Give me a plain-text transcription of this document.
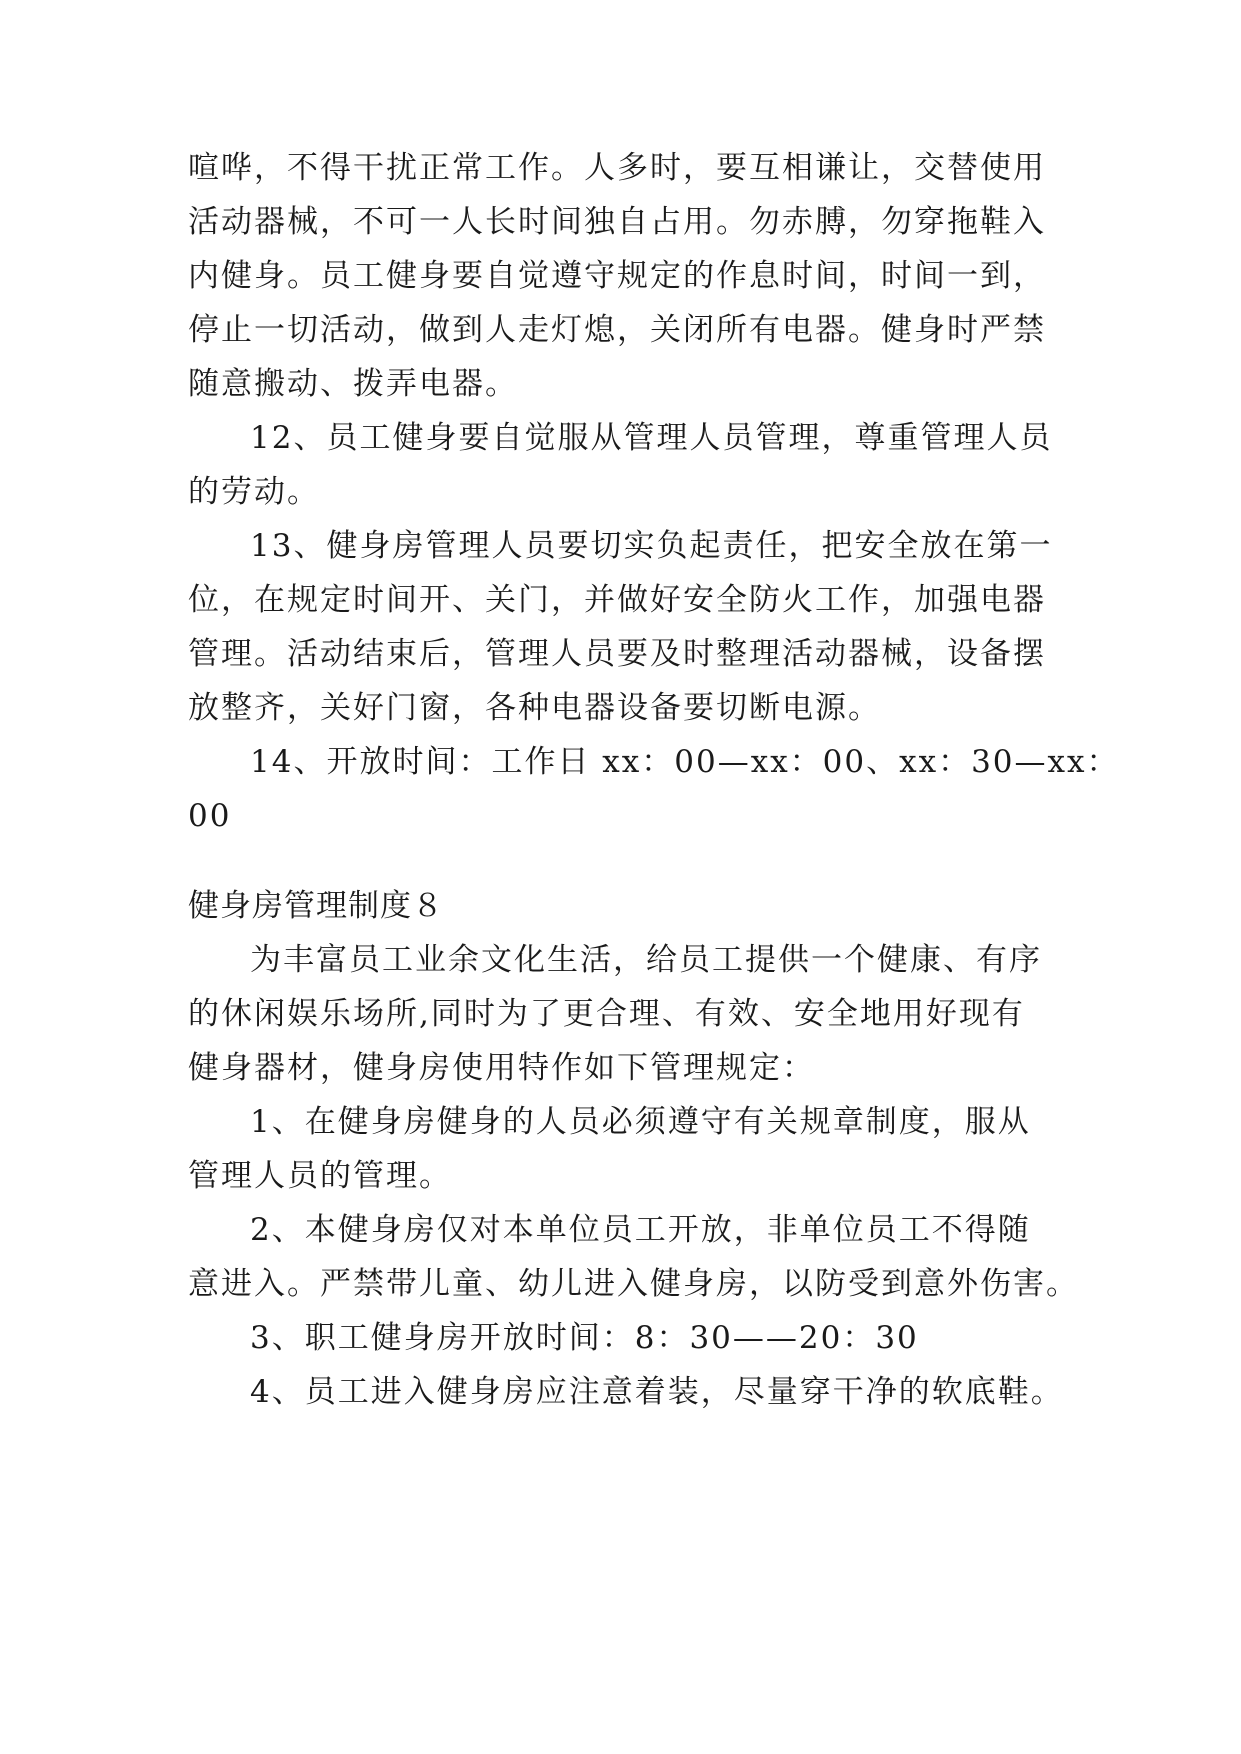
喧哗，不得干扰正常工作。人多时，要互相谦让，交替使用

活动器械，不可一人长时间独自占用。勿赤膊，勿穿拖鞋入

内健身。员工健身要自觉遵守规定的作息时间，时间一到，

停止一切活动，做到人走灯熄，关闭所有电器。健身时严禁

随意搬动、拨弄电器。

12、员工健身要自觉服从管理人员管理，尊重管理人员

的劳动。

13、健身房管理人员要切实负起责任，把安全放在第一

位，在规定时间开、关门，并做好安全防火工作，加强电器

管理。活动结束后，管理人员要及时整理活动器械，设备摆

放整齐，关好门窗，各种电器设备要切断电源。

14、开放时间：工作日 xx：00—xx：00、xx：30—xx：

00

健身房管理制度８

为丰富员工业余文化生活，给员工提供一个健康、有序

的休闲娱乐场所,同时为了更合理、有效、安全地用好现有

健身器材，健身房使用特作如下管理规定：

1、在健身房健身的人员必须遵守有关规章制度，服从

管理人员的管理。

2、本健身房仅对本单位员工开放，非单位员工不得随

意进入。严禁带儿童、幼儿进入健身房，以防受到意外伤害。

3、职工健身房开放时间：8：30——20：30

4、员工进入健身房应注意着装，尽量穿干净的软底鞋。
